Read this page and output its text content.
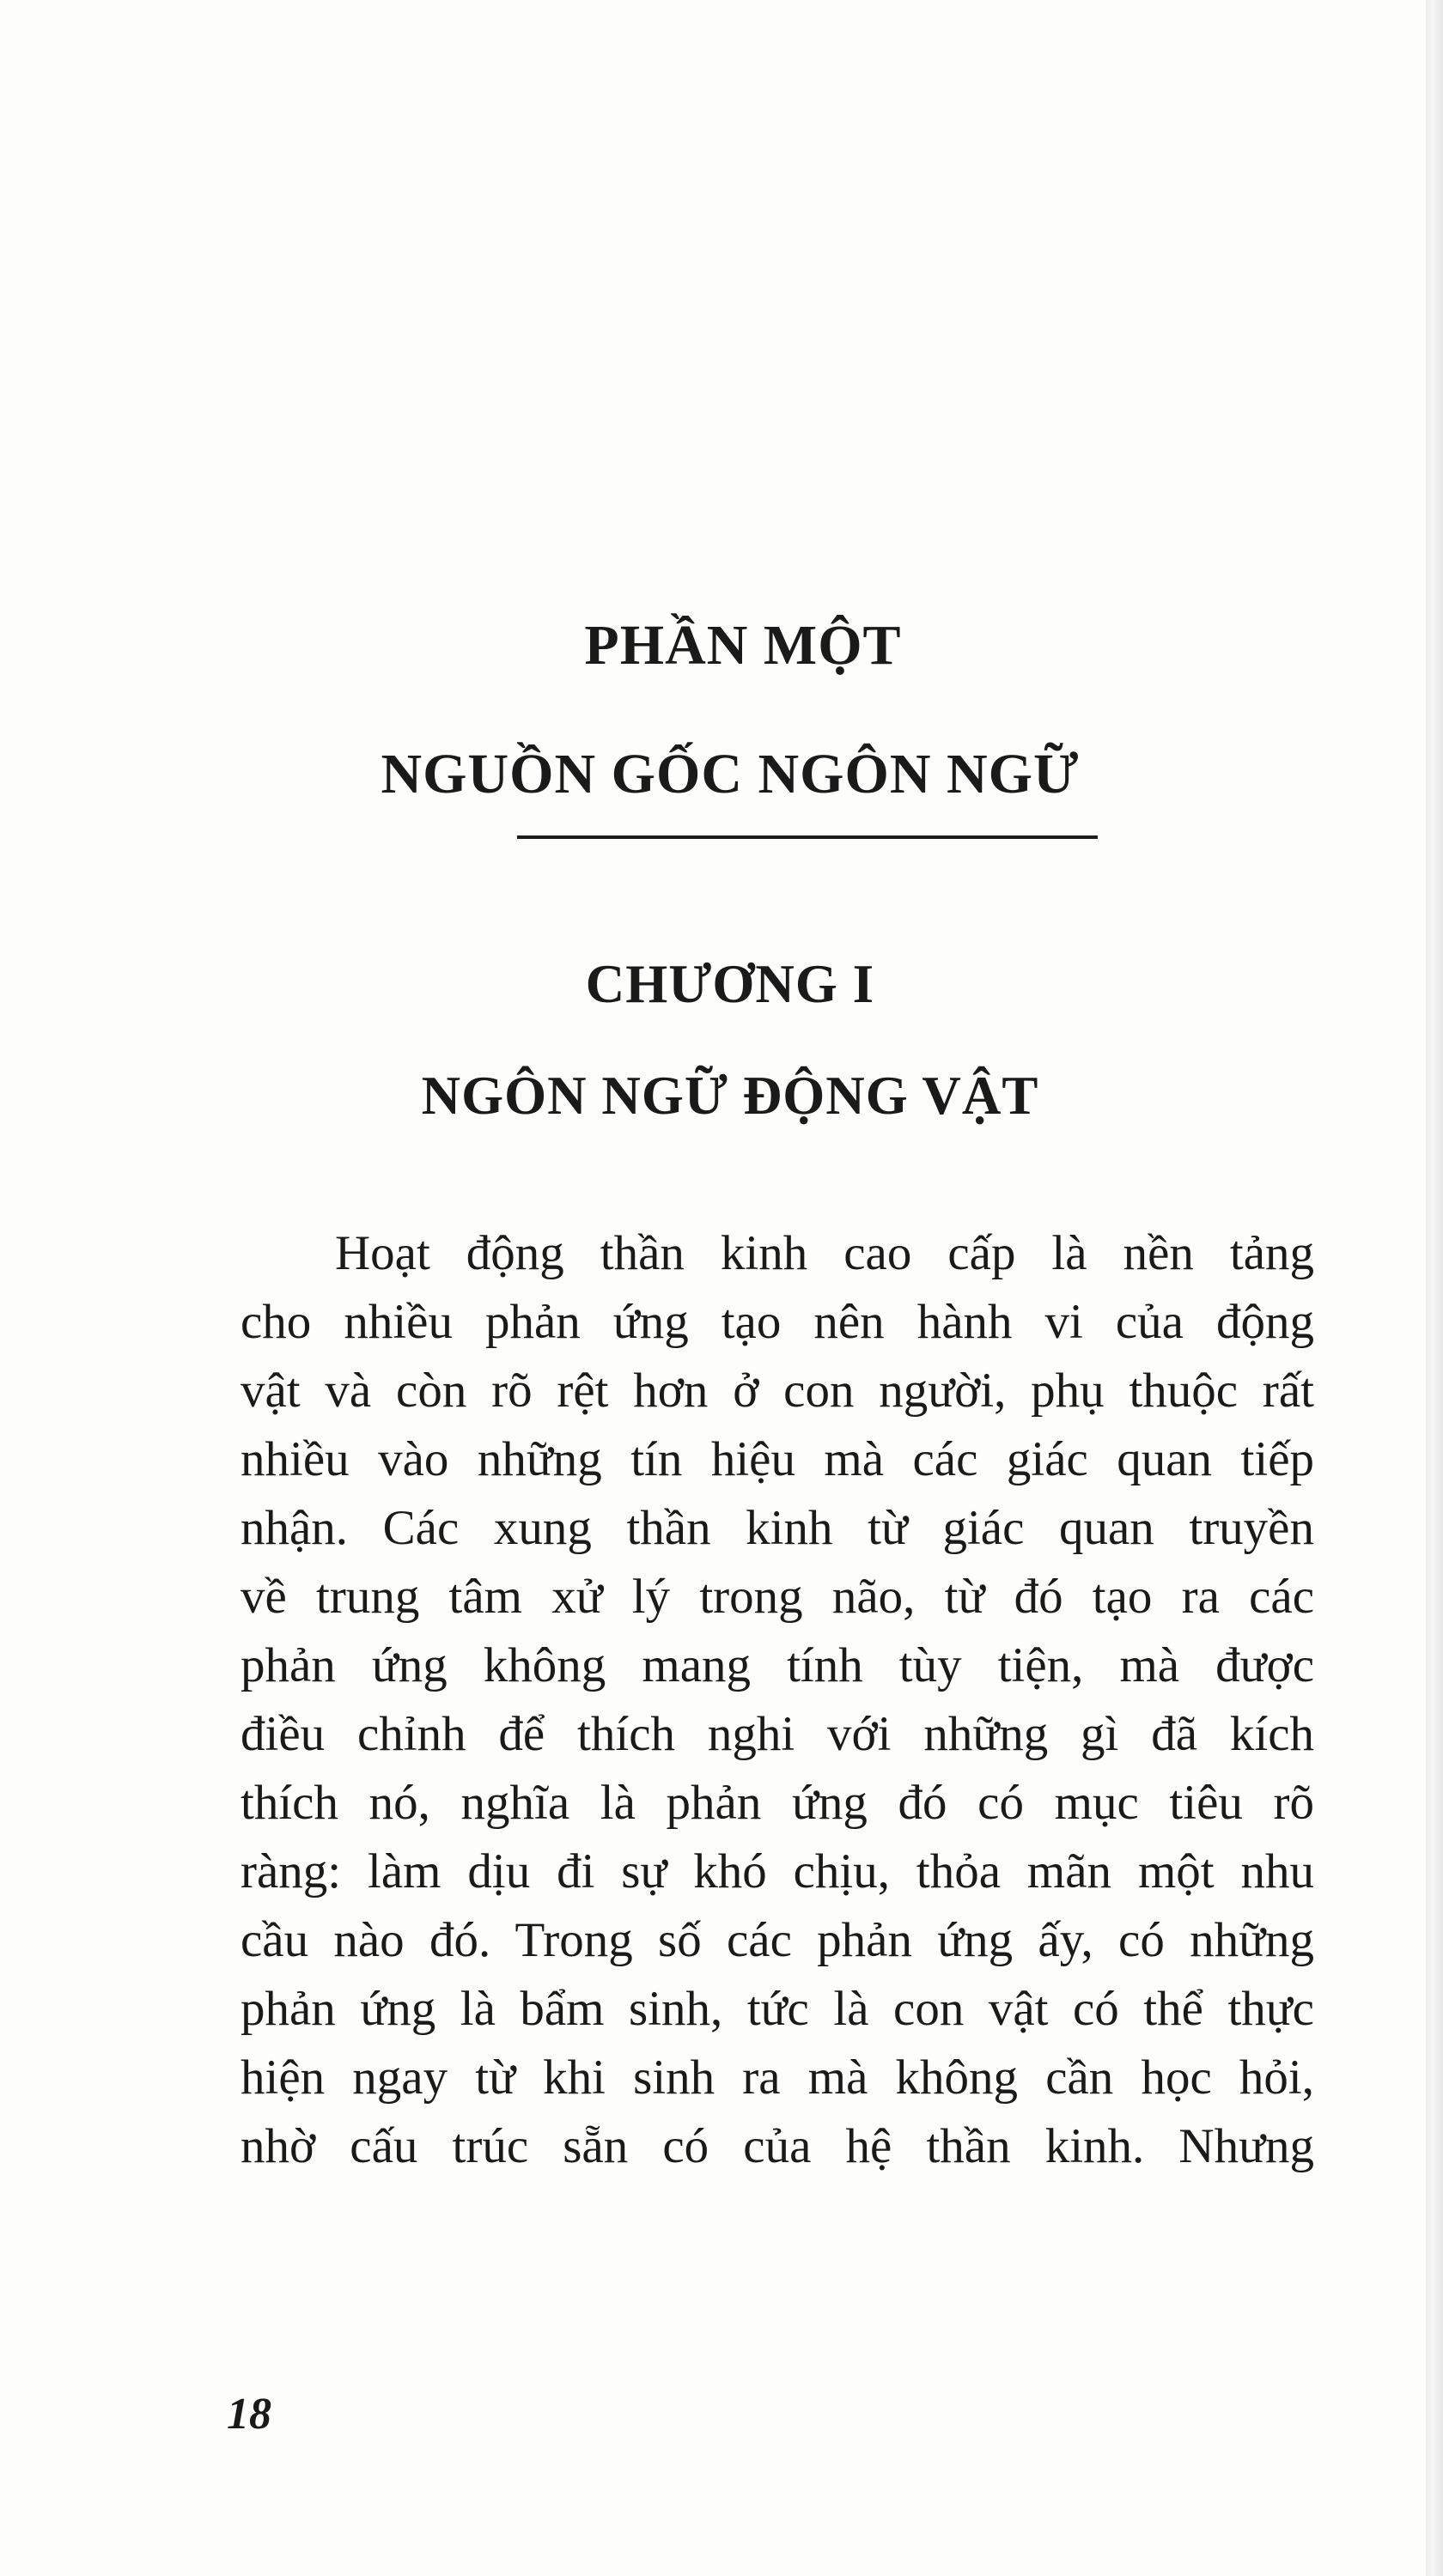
PHẦN MỘT
NGUỒN GỐC NGÔN NGỮ
CHƯƠNG I
NGÔN NGỮ ĐỘNG VẬT
Hoạt động thần kinh cao cấp là nền tảng
cho nhiều phản ứng tạo nên hành vi của động
vật và còn rõ rệt hơn ở con người, phụ thuộc rất
nhiều vào những tín hiệu mà các giác quan tiếp
nhận. Các xung thần kinh từ giác quan truyền
về trung tâm xử lý trong não, từ đó tạo ra các
phản ứng không mang tính tùy tiện, mà được
điều chỉnh để thích nghi với những gì đã kích
thích nó, nghĩa là phản ứng đó có mục tiêu rõ
ràng: làm dịu đi sự khó chịu, thỏa mãn một nhu
cầu nào đó. Trong số các phản ứng ấy, có những
phản ứng là bẩm sinh, tức là con vật có thể thực
hiện ngay từ khi sinh ra mà không cần học hỏi,
nhờ cấu trúc sẵn có của hệ thần kinh. Nhưng
18
